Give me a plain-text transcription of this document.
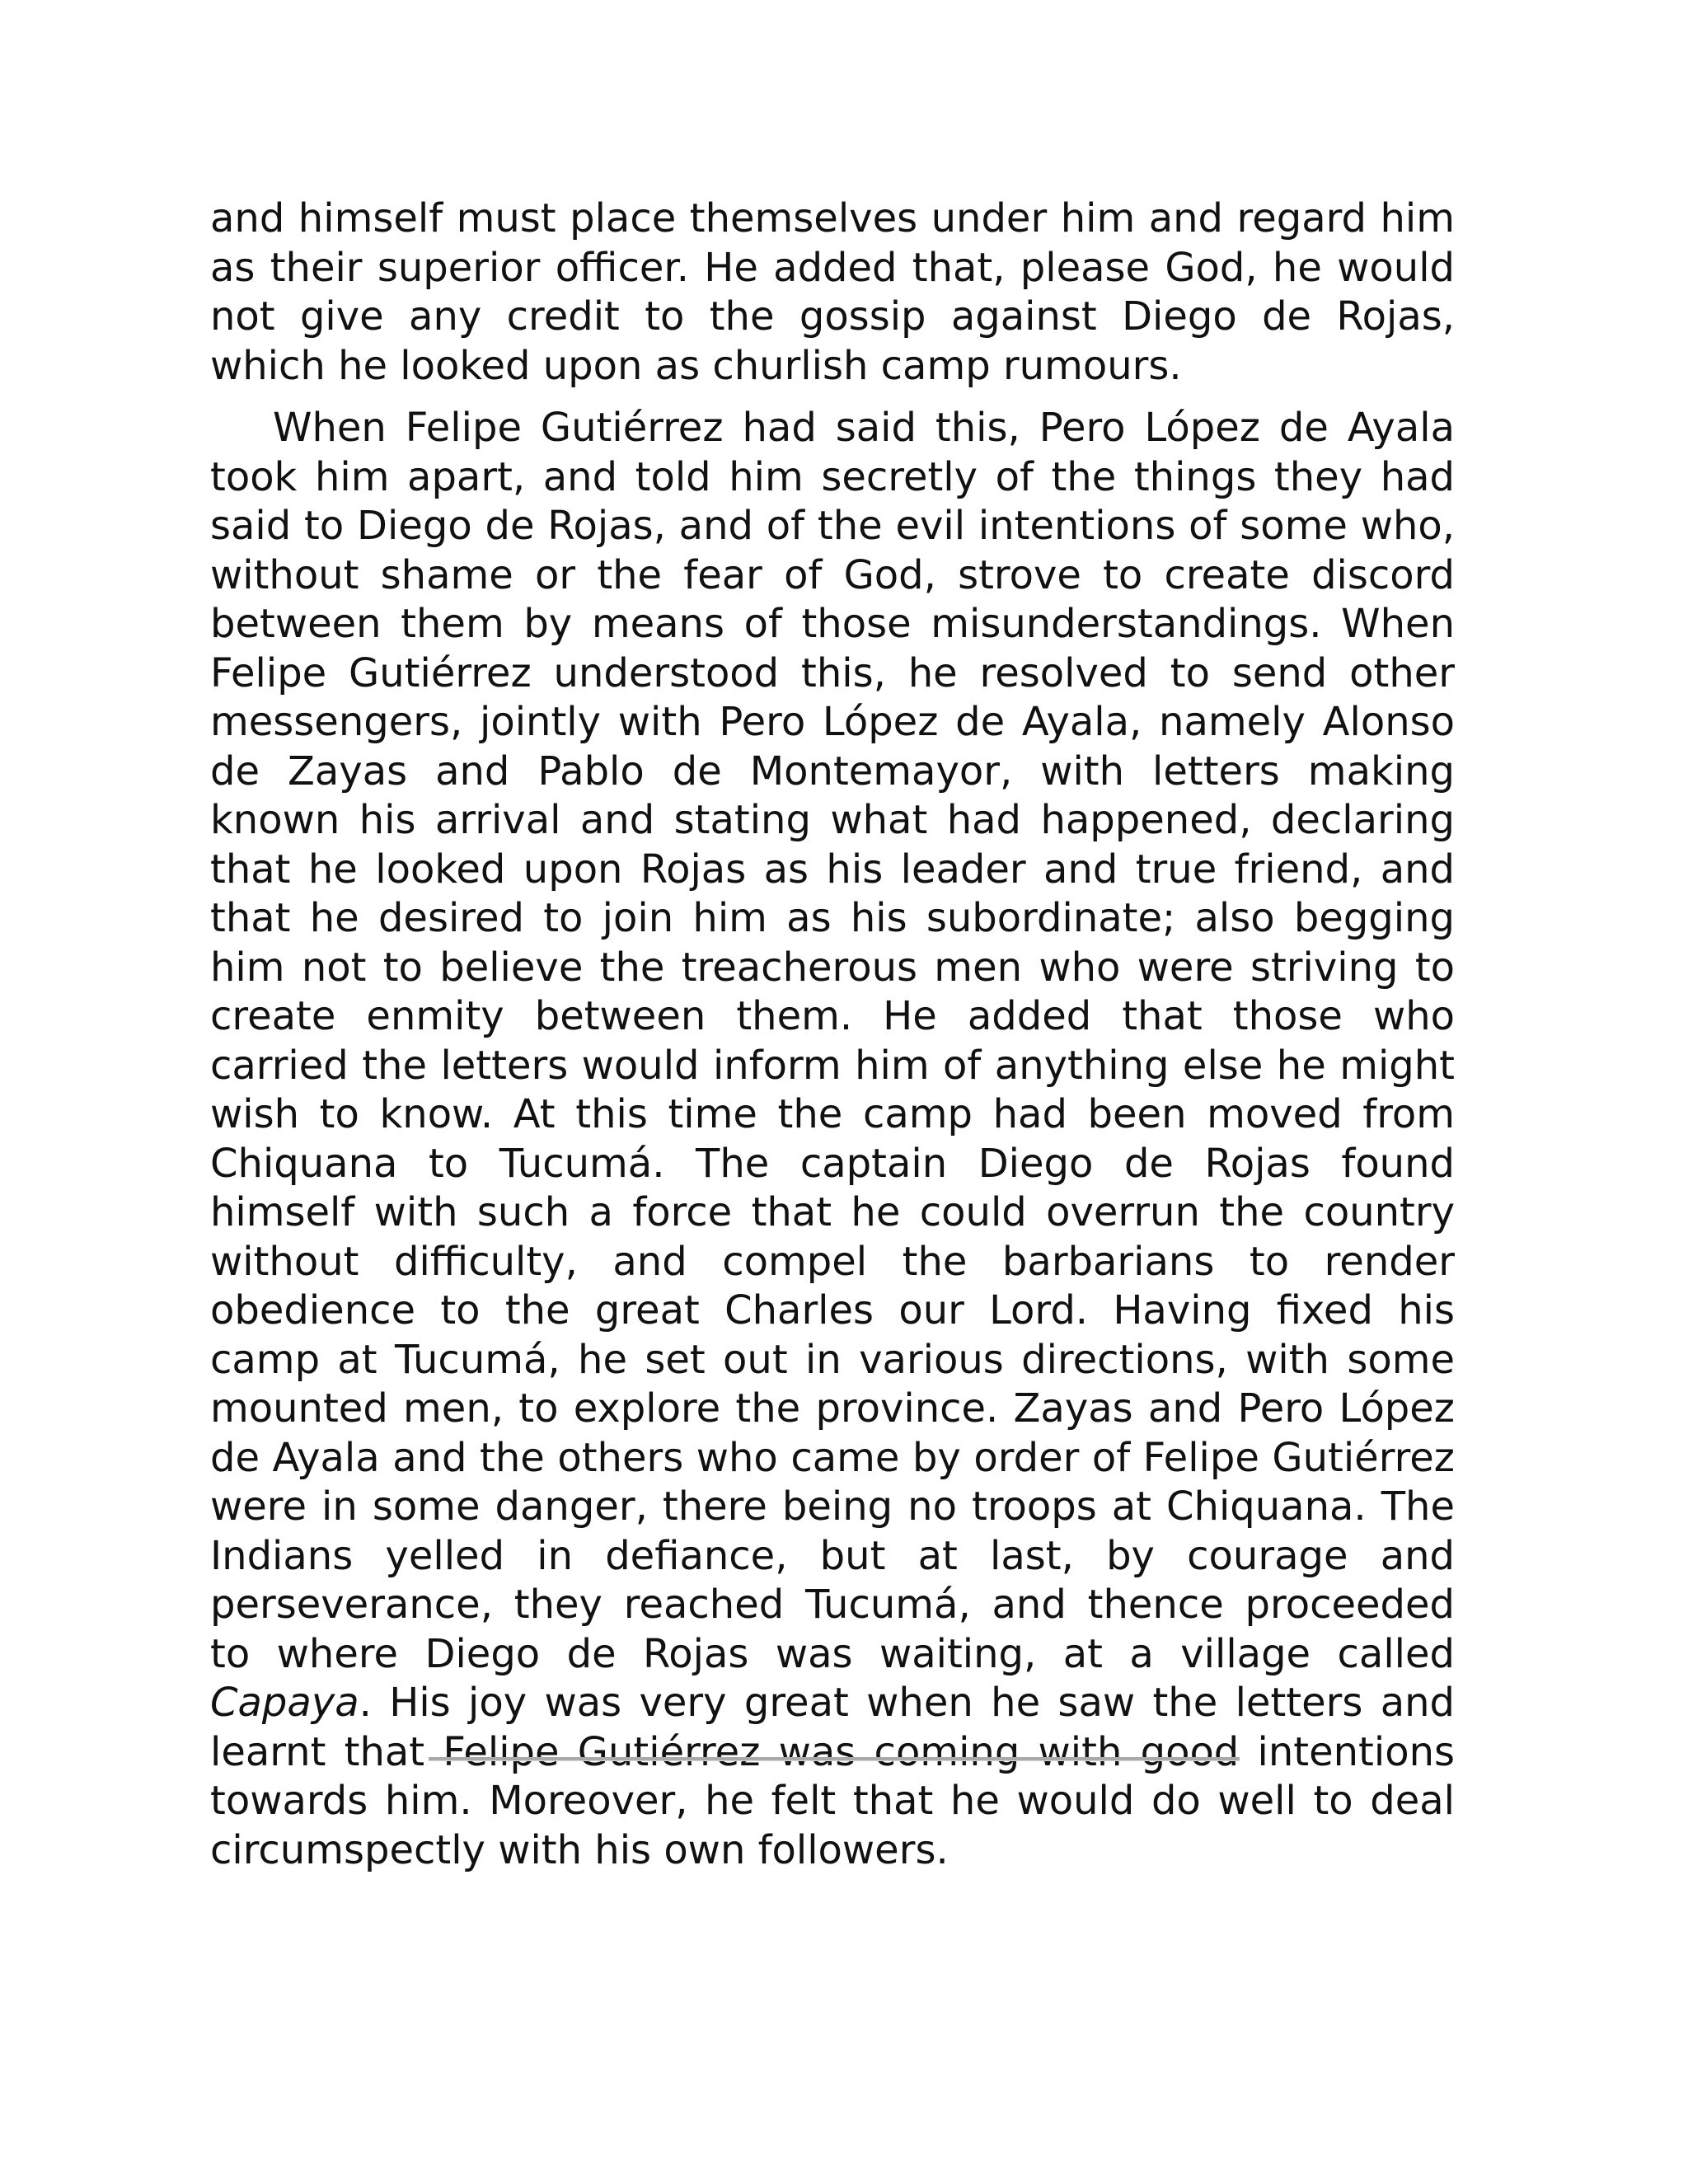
and himself must place themselves under him and regard him as their superior officer. He added that, please God, he would not give any credit to the gossip against Diego de Rojas, which he looked upon as churlish camp rumours.

When Felipe Gutiérrez had said this, Pero López de Ayala took him apart, and told him secretly of the things they had said to Diego de Rojas, and of the evil intentions of some who, without shame or the fear of God, strove to create discord between them by means of those misunderstandings. When Felipe Gutiérrez understood this, he resolved to send other messengers, jointly with Pero López de Ayala, namely Alonso de Zayas and Pablo de Montemayor, with letters making known his arrival and stating what had happened, declaring that he looked upon Rojas as his leader and true friend, and that he desired to join him as his subordinate; also begging him not to believe the treacherous men who were striving to create enmity between them. He added that those who carried the letters would inform him of anything else he might wish to know. At this time the camp had been moved from Chiquana to Tucumá. The captain Diego de Rojas found himself with such a force that he could overrun the country without difficulty, and compel the barbarians to render obedience to the great Charles our Lord. Having fixed his camp at Tucumá, he set out in various directions, with some mounted men, to explore the province. Zayas and Pero López de Ayala and the others who came by order of Felipe Gutiérrez were in some danger, there being no troops at Chiquana. The Indians yelled in defiance, but at last, by courage and perseverance, they reached Tucumá, and thence proceeded to where Diego de Rojas was waiting, at a village called Capaya. His joy was very great when he saw the letters and learnt that Felipe Gutiérrez was coming with good intentions towards him. Moreover, he felt that he would do well to deal circumspectly with his own followers.
